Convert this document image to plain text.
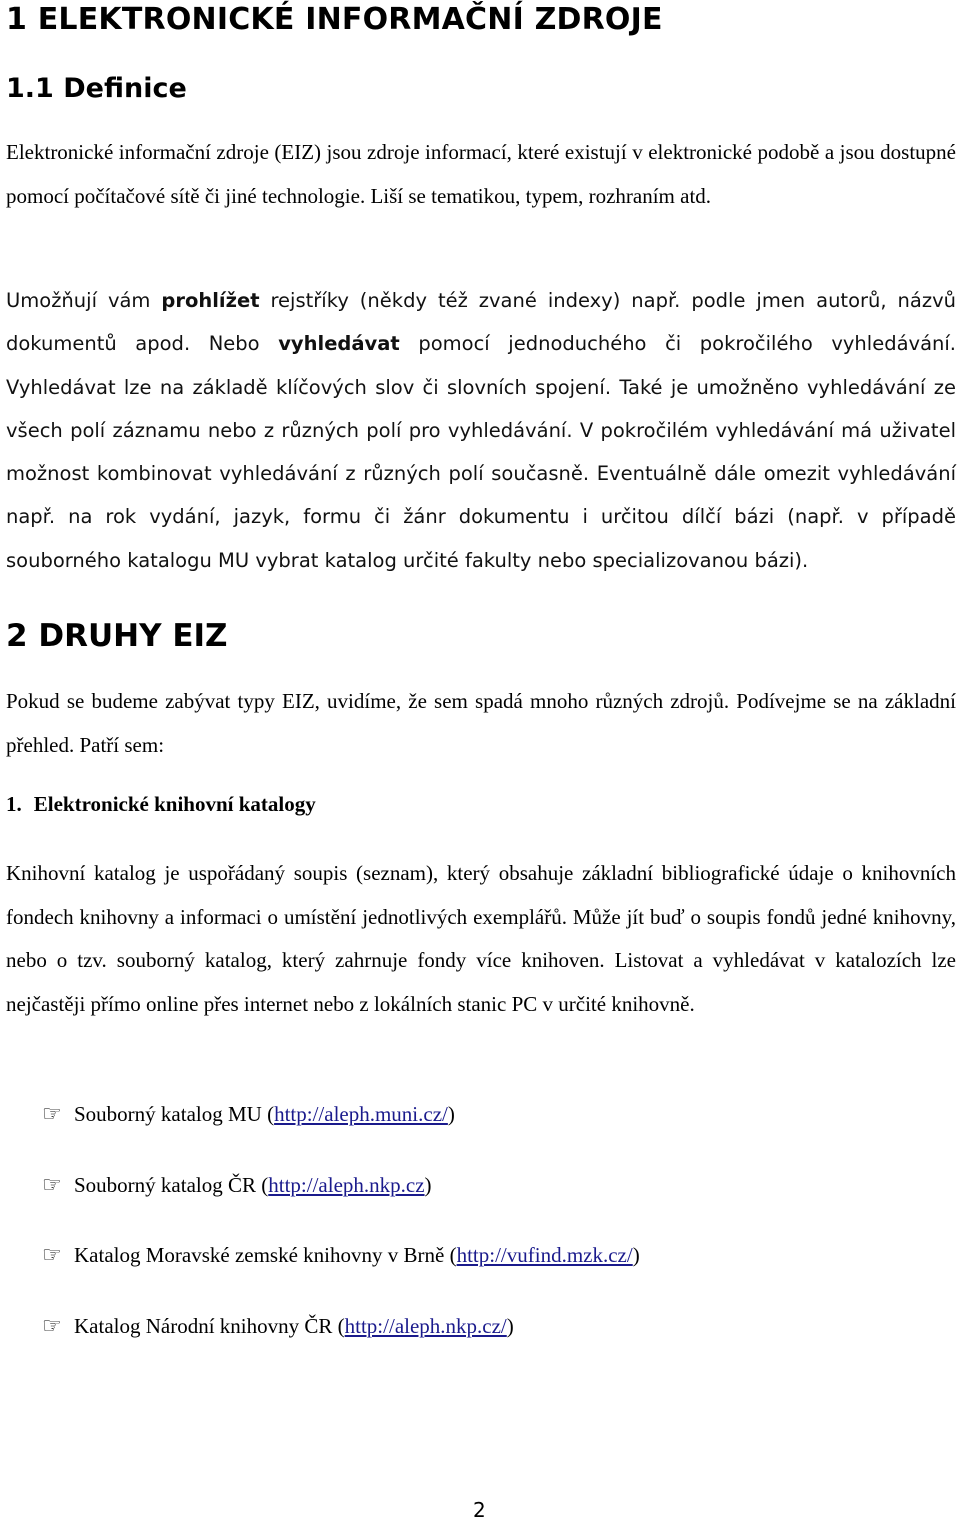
1 ELEKTRONICKÉ INFORMAČNÍ ZDROJE
1.1 Definice

Elektronické informační zdroje (EIZ) jsou zdroje informací, které existují v elektronické podobě a jsou dostupné pomocí počítačové sítě či jiné technologie. Liší se tematikou, typem, rozhraním atd.

Umožňují vám prohlížet rejstříky (někdy též zvané indexy) např. podle jmen autorů, názvů dokumentů apod. Nebo vyhledávat pomocí jednoduchého či pokročilého vyhledávání. Vyhledávat lze na základě klíčových slov či slovních spojení. Také je umožněno vyhledávání ze všech polí záznamu nebo z různých polí pro vyhledávání. V pokročilém vyhledávání má uživatel možnost kombinovat vyhledávání z různých polí současně. Eventuálně dále omezit vyhledávání např. na rok vydání, jazyk, formu či žánr dokumentu i určitou dílčí bázi (např. v případě souborného katalogu MU vybrat katalog určité fakulty nebo specializovanou bázi).

2 DRUHY EIZ

Pokud se budeme zabývat typy EIZ, uvidíme, že sem spadá mnoho různých zdrojů. Podívejme se na základní přehled. Patří sem:

1. Elektronické knihovní katalogy

Knihovní katalog je uspořádaný soupis (seznam), který obsahuje základní bibliografické údaje o knihovních fondech knihovny a informaci o umístění jednotlivých exemplářů. Může jít buď o soupis fondů jedné knihovny, nebo o tzv. souborný katalog, který zahrnuje fondy více knihoven. Listovat a vyhledávat v katalozích lze nejčastěji přímo online přes internet nebo z lokálních stanic PC v určité knihovně.

☞ Souborný katalog MU (http://aleph.muni.cz/)
☞ Souborný katalog ČR (http://aleph.nkp.cz)
☞ Katalog Moravské zemské knihovny v Brně (http://vufind.mzk.cz/)
☞ Katalog Národní knihovny ČR (http://aleph.nkp.cz/)
2
